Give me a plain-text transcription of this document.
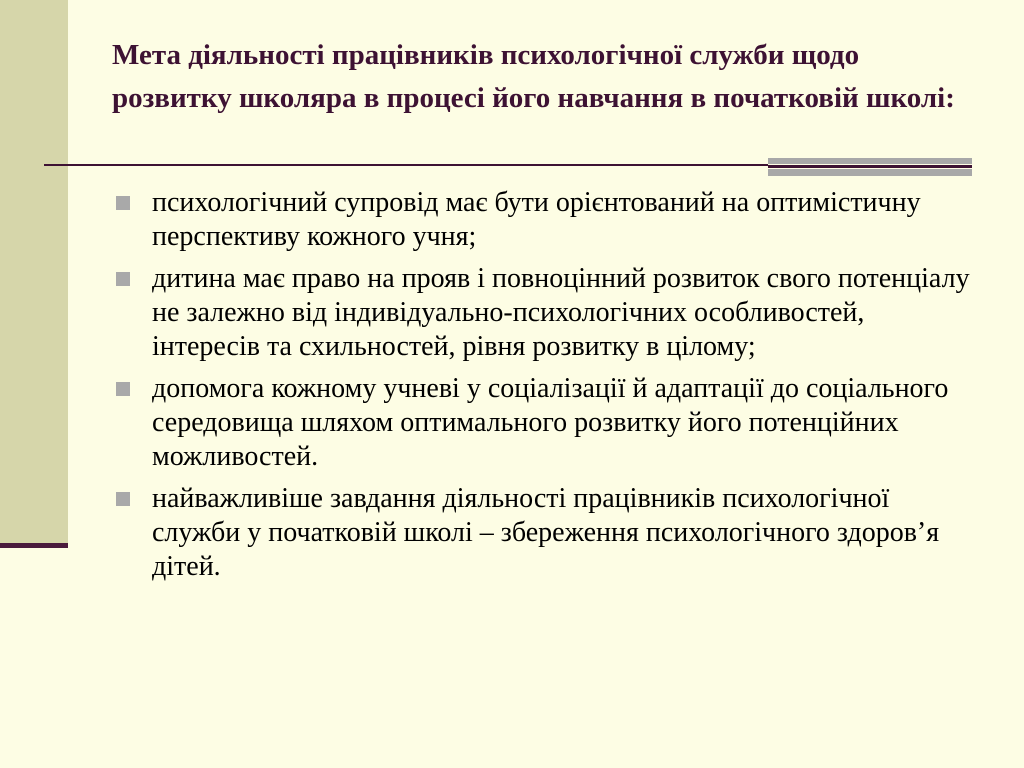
Мета діяльності працівників психологічної служби щодо розвитку школяра в процесі його навчання в початковій школі:
психологічний супровід має бути орієнтований на оптимістичну перспективу кожного учня;
дитина має право на прояв і повноцінний розвиток свого потенціалу не залежно від індивідуально-психологічних особливостей, інтересів та схильностей, рівня розвитку в цілому;
допомога кожному учневі у соціалізації й адаптації до соціального середовища шляхом оптимального розвитку його потенційних можливостей.
найважливіше завдання діяльності працівників психологічної служби у початковій школі – збереження психологічного здоров’я дітей.
